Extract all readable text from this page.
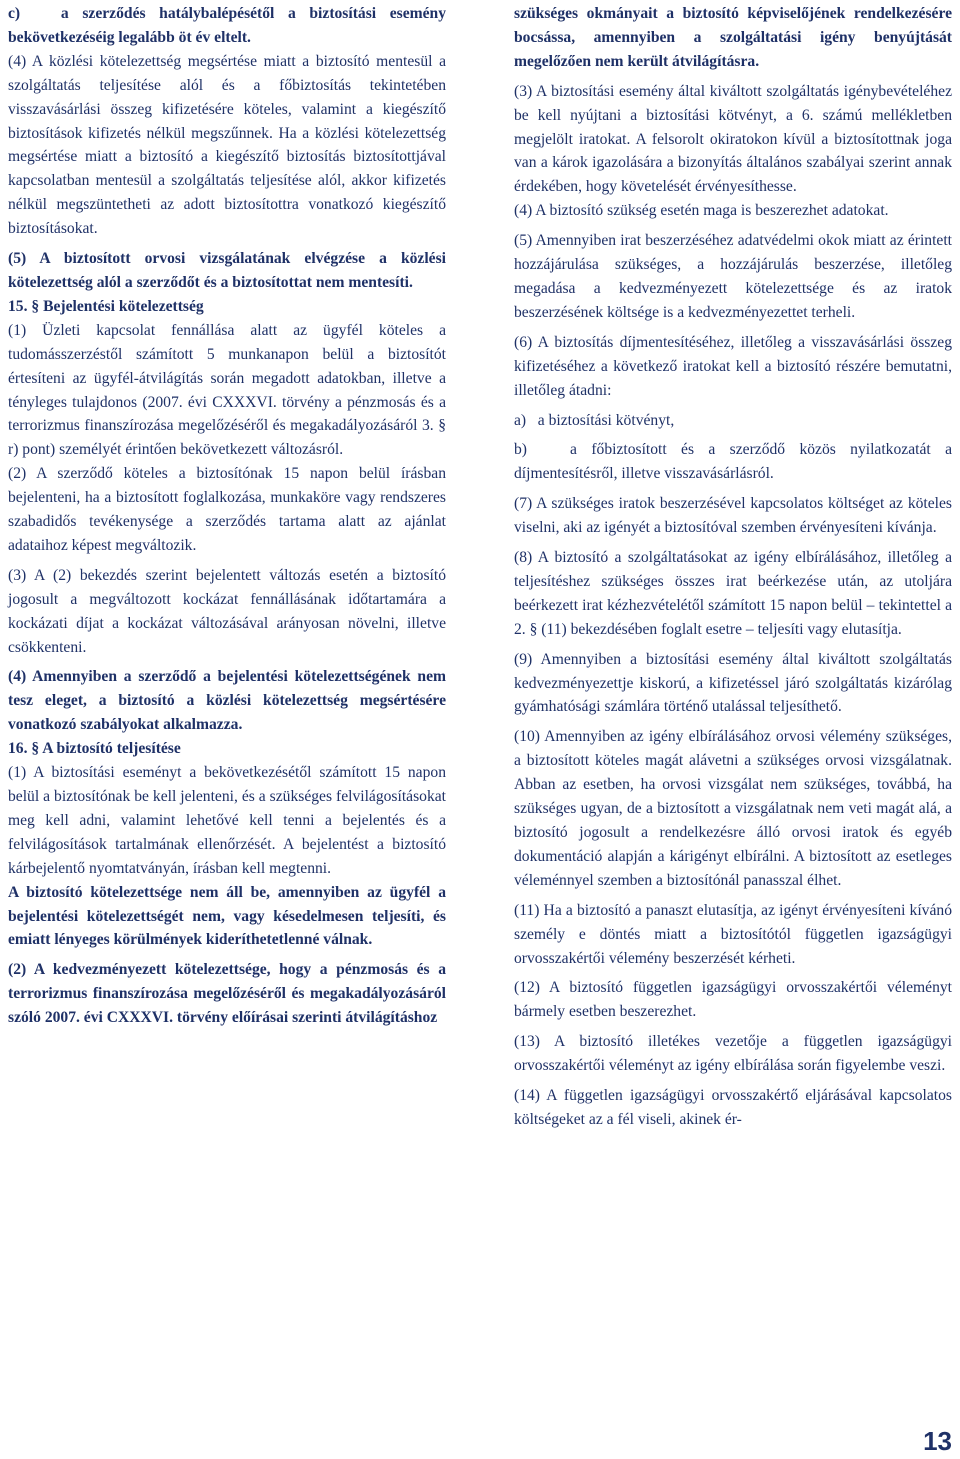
c)   a szerződés hatálybalépésétől a biztosítási esemény bekövetkezéséig legalább öt év eltelt.

(4) A közlési kötelezettség megsértése miatt a biztosító mentesül a szolgáltatás teljesítése alól és a főbiztosítás tekintetében visszavásárlási összeg kifizetésére köteles, valamint a kiegészítő biztosítások kifizetés nélkül megszűnnek. Ha a közlési kötelezettség megsértése miatt a biztosító a kiegészítő biztosítás biztosítottjával kapcsolatban mentesül a szolgáltatás teljesítése alól, akkor kifizetés nélkül megszüntetheti az adott biztosítottra vonatkozó kiegészítő biztosításokat.

(5) A biztosított orvosi vizsgálatának elvégzése a közlési kötelezettség alól a szerződőt és a biztosítottat nem mentesíti.

15. § Bejelentési kötelezettség

(1) Üzleti kapcsolat fennállása alatt az ügyfél köteles a tudomásszerzéstől számított 5 munkanapon belül a biztosítót értesíteni az ügyfél-átvilágítás során megadott adatokban, illetve a tényleges tulajdonos (2007. évi CXXXVI. törvény a pénzmosás és a terrorizmus finanszírozása megelőzéséről és megakadályozásáról 3. § r) pont) személyét érintően bekövetkezett változásról.

(2) A szerződő köteles a biztosítónak 15 napon belül írásban bejelenteni, ha a biztosított foglalkozása, munkaköre vagy rendszeres szabadidős tevékenysége a szerződés tartama alatt az ajánlat adataihoz képest megváltozik.

(3) A (2) bekezdés szerint bejelentett változás esetén a biztosító jogosult a megváltozott kockázat fennállásának időtartamára a kockázati díjat a kockázat változásával arányosan növelni, illetve csökkenteni.

(4) Amennyiben a szerződő a bejelentési kötelezettségének nem tesz eleget, a biztosító a közlési kötelezettség megsértésére vonatkozó szabályokat alkalmazza.

16. § A biztosító teljesítése

(1) A biztosítási eseményt a bekövetkezésétől számított 15 napon belül a biztosítónak be kell jelenteni, és a szükséges felvilágosításokat meg kell adni, valamint lehetővé kell tenni a bejelentés és a felvilágosítások tartalmának ellenőrzését. A bejelentést a biztosító kárbejelentő nyomtatványán, írásban kell megtenni.

A biztosító kötelezettsége nem áll be, amennyiben az ügyfél a bejelentési kötelezettségét nem, vagy késedelmesen teljesíti, és emiatt lényeges körülmények kideríthetetlenné válnak.

(2) A kedvezményezett kötelezettsége, hogy a pénzmosás és a terrorizmus finanszírozása megelőzéséről és megakadályozásáról szóló 2007. évi CXXXVI. törvény előírásai szerinti átvilágításhoz

szükséges okmányait a biztosító képviselőjének rendelkezésére bocsássa, amennyiben a szolgáltatási igény benyújtását megelőzően nem került átvilágításra.

(3) A biztosítási esemény által kiváltott szolgáltatás igénybevételéhez be kell nyújtani a biztosítási kötvényt, a 6. számú mellékletben megjelölt iratokat. A felsorolt okiratokon kívül a biztosítottnak joga van a károk igazolására a bizonyítás általános szabályai szerint annak érdekében, hogy követelését érvényesíthesse.

(4) A biztosító szükség esetén maga is beszerezhet adatokat.

(5) Amennyiben irat beszerzéséhez adatvédelmi okok miatt az érintett hozzájárulása szükséges, a hozzájárulás beszerzése, illetőleg megadása a kedvezményezett kötelezettsége és az iratok beszerzésének költsége is a kedvezményezettet terheli.

(6) A biztosítás díjmentesítéséhez, illetőleg a visszavásárlási összeg kifizetéséhez a következő iratokat kell a biztosító részére bemutatni, illetőleg átadni:

a)   a biztosítási kötvényt,

b)   a főbiztosított és a szerződő közös nyilatkozatát a díjmentesítésről, illetve visszavásárlásról.

(7) A szükséges iratok beszerzésével kapcsolatos költséget az köteles viselni, aki az igényét a biztosítóval szemben érvényesíteni kívánja.

(8) A biztosító a szolgáltatásokat az igény elbírálásához, illetőleg a teljesítéshez szükséges összes irat beérkezése után, az utoljára beérkezett irat kézhezvételétől számított 15 napon belül – tekintettel a 2. § (11) bekezdésében foglalt esetre – teljesíti vagy elutasítja.

(9) Amennyiben a biztosítási esemény által kiváltott szolgáltatás kedvezményezettje kiskorú, a kifizetéssel járó szolgáltatás kizárólag gyámhatósági számlára történő utalással teljesíthető.

(10) Amennyiben az igény elbírálásához orvosi vélemény szükséges, a biztosított köteles magát alávetni a szükséges orvosi vizsgálatnak. Abban az esetben, ha orvosi vizsgálat nem szükséges, továbbá, ha szükséges ugyan, de a biztosított a vizsgálatnak nem veti magát alá, a biztosító jogosult a rendelkezésre álló orvosi iratok és egyéb dokumentáció alapján a kárigényt elbírálni. A biztosított az esetleges véleménnyel szemben a biztosítónál panasszal élhet.

(11) Ha a biztosító a panaszt elutasítja, az igényt érvényesíteni kívánó személy e döntés miatt a biztosítótól független igazságügyi orvosszakértői vélemény beszerzését kérheti.

(12) A biztosító független igazságügyi orvosszakértői véleményt bármely esetben beszerezhet.

(13) A biztosító illetékes vezetője a független igazságügyi orvosszakértői véleményt az igény elbírálása során figyelembe veszi.

(14) A független igazságügyi orvosszakértő eljárásával kapcsolatos költségeket az a fél viseli, akinek ér-

13
